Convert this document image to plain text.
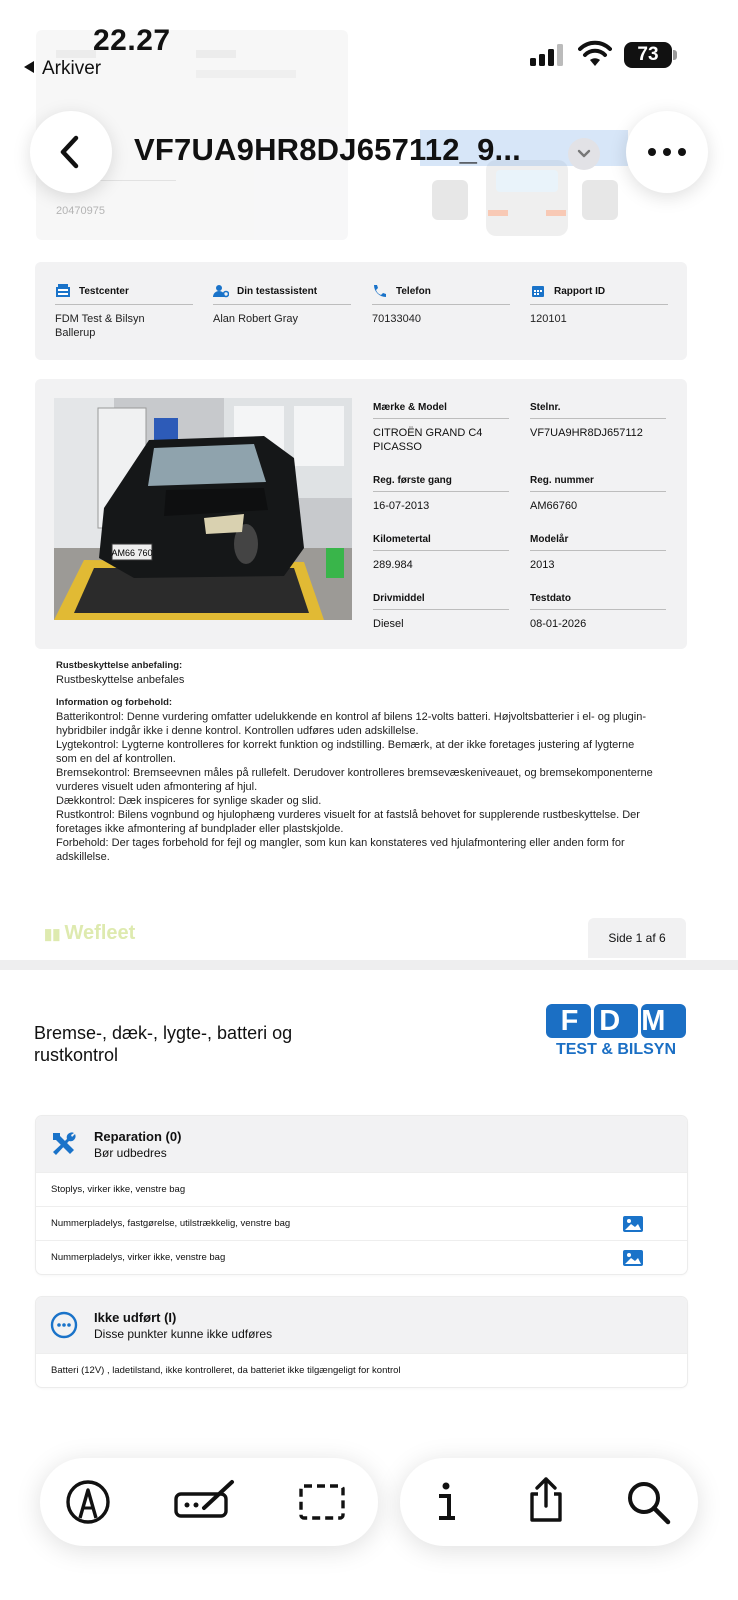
20470975
22.27
Arkiver
73
VF7UA9HR8DJ657112_9...
Testcenter
FDM Test & Bilsyn
Ballerup
Din testassistent
Alan Robert Gray
Telefon
70133040
Rapport ID
120101
AM66 760
Mærke & Model
CITROËN GRAND C4 PICASSO
Stelnr.
VF7UA9HR8DJ657112
Reg. første gang
16-07-2013
Reg. nummer
AM66760
Kilometertal
289.984
Modelår
2013
Drivmiddel
Diesel
Testdato
08-01-2026
Rustbeskyttelse anbefaling:
Rustbeskyttelse anbefales
Information og forbehold:
Batterikontrol: Denne vurdering omfatter udelukkende en kontrol af bilens 12-volts batteri. Højvoltsbatterier i el- og plugin-
hybridbiler indgår ikke i denne kontrol. Kontrollen udføres uden adskillelse.
Lygtekontrol: Lygterne kontrolleres for korrekt funktion og indstilling. Bemærk, at der ikke foretages justering af lygterne
som en del af kontrollen.
Bremsekontrol: Bremseevnen måles på rullefelt. Derudover kontrolleres bremsevæskeniveauet, og bremsekomponenterne
vurderes visuelt uden afmontering af hjul.
Dækkontrol: Dæk inspiceres for synlige skader og slid.
Rustkontrol: Bilens vognbund og hjulophæng vurderes visuelt for at fastslå behovet for supplerende rustbeskyttelse. Der
foretages ikke afmontering af bundplader eller plastskjolde.
Forbehold: Der tages forbehold for fejl og mangler, som kun kan konstateres ved hjulafmontering eller anden form for
adskillelse.
▮▮ Wefleet	Side 1 af 6
Bremse-, dæk-, lygte-, batteri og rustkontrol
FDM
TEST & BILSYN
Reparation (0)
Bør udbedres
Stoplys, virker ikke, venstre bag
Nummerpladelys, fastgørelse, utilstrækkelig, venstre bag
Nummerpladelys, virker ikke, venstre bag
Ikke udført (I)
Disse punkter kunne ikke udføres
Batteri (12V) , ladetilstand, ikke kontrolleret, da batteriet ikke tilgængeligt for kontrol
